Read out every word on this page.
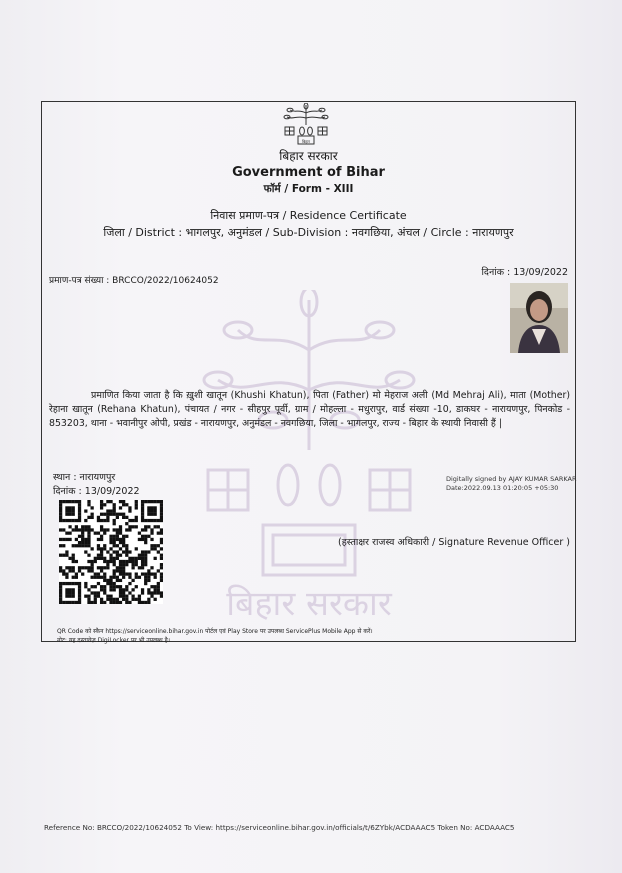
बिहार सरकार
बिहार
बिहार सरकार
Government of Bihar
फॉर्म / Form - XIII
निवास प्रमाण-पत्र / Residence Certificate
जिला / District : भागलपुर, अनुमंडल / Sub-Division : नवगछिया, अंचल / Circle : नारायणपुर
प्रमाण-पत्र संख्या : BRCCO/2022/10624052
दिनांक : 13/09/2022
प्रमाणित किया जाता है कि ख़ुशी खातून (Khushi Khatun), पिता (Father) मो मेहराज अली (Md Mehraj Ali), माता (Mother) रेहाना खातून (Rehana Khatun), पंचायत / नगर - सीहपुर पूर्वी, ग्राम / मोहल्ला - मधुरापुर, वार्ड संख्या -10, डाकघर - नारायणपुर, पिनकोड - 853203, थाना - भवानीपुर ओपी, प्रखंड - नारायणपुर, अनुमंडल - नवगछिया, जिला - भागलपुर, राज्य - बिहार के स्थायी निवासी हैं |
स्थान : नारायणपुर
दिनांक : 13/09/2022
Digitally signed by AJAY KUMAR SARKAR
Date:2022.09.13 01:20:05 +05:30
(हस्ताक्षर राजस्व अधिकारी / Signature Revenue Officer )
QR Code को स्कैन https://serviceonline.bihar.gov.in पोर्टल एवं Play Store पर उपलब्ध ServicePlus Mobile App से करें।
नोट: यह दस्तावेज़ DigiLocker पर भी उपलब्ध है।
Reference No: BRCCO/2022/10624052 To View: https://serviceonline.bihar.gov.in/officials/t/6ZYbk/ACDAAAC5 Token No: ACDAAAC5
